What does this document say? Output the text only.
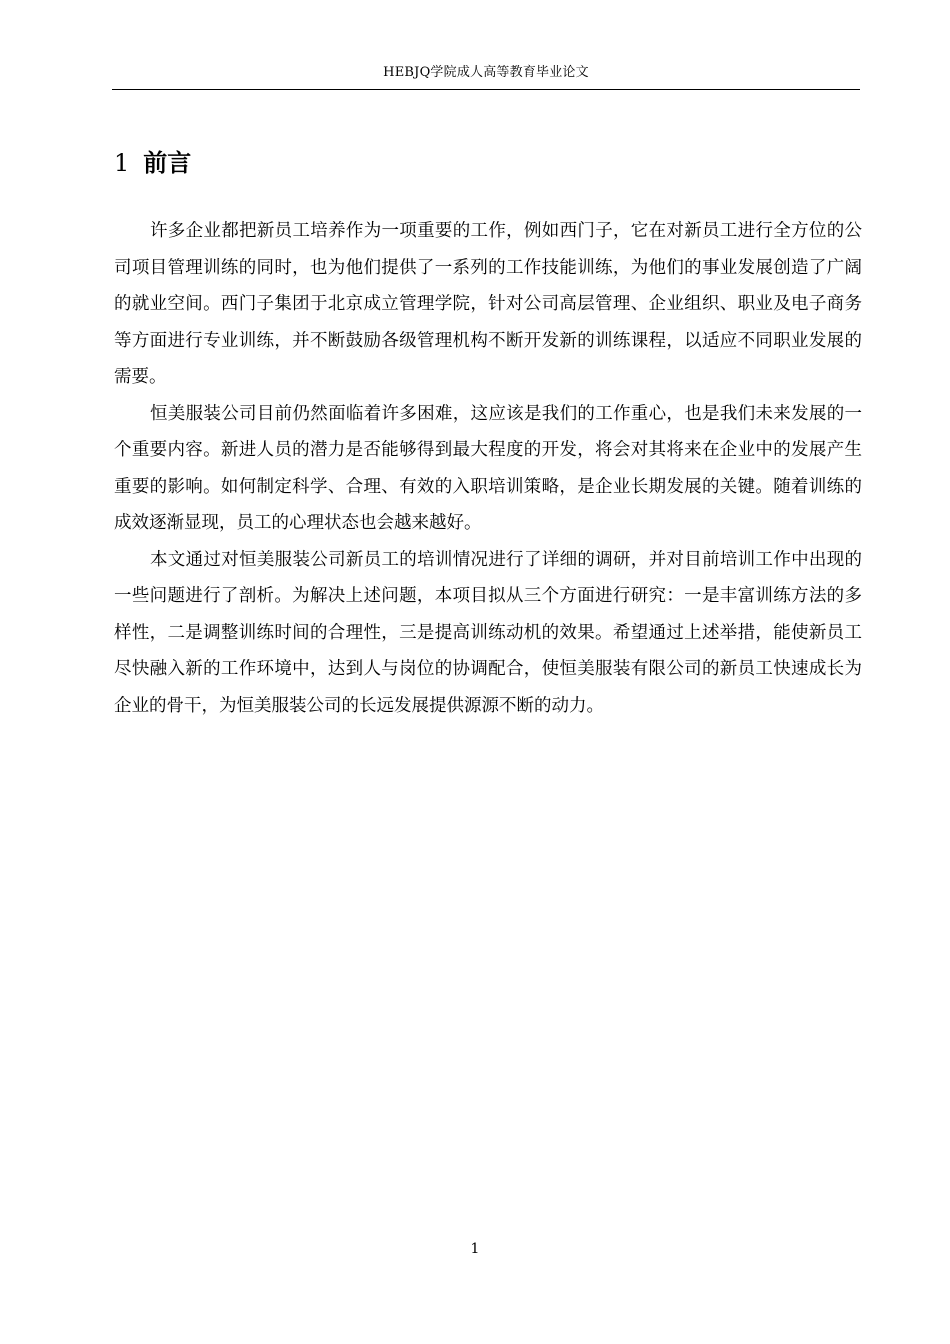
HEBJQ学院成人高等教育毕业论文
1 前言

许多企业都把新员工培养作为一项重要的工作，例如西门子，它在对新员工进行全方位的公司项目管理训练的同时，也为他们提供了一系列的工作技能训练，为他们的事业发展创造了广阔的就业空间。西门子集团于北京成立管理学院，针对公司高层管理、企业组织、职业及电子商务等方面进行专业训练，并不断鼓励各级管理机构不断开发新的训练课程，以适应不同职业发展的需要。

恒美服装公司目前仍然面临着许多困难，这应该是我们的工作重心，也是我们未来发展的一个重要内容。新进人员的潜力是否能够得到最大程度的开发，将会对其将来在企业中的发展产生重要的影响。如何制定科学、合理、有效的入职培训策略，是企业长期发展的关键。随着训练的成效逐渐显现，员工的心理状态也会越来越好。

本文通过对恒美服装公司新员工的培训情况进行了详细的调研，并对目前培训工作中出现的一些问题进行了剖析。为解决上述问题，本项目拟从三个方面进行研究：一是丰富训练方法的多样性，二是调整训练时间的合理性，三是提高训练动机的效果。希望通过上述举措，能使新员工尽快融入新的工作环境中，达到人与岗位的协调配合，使恒美服装有限公司的新员工快速成长为企业的骨干，为恒美服装公司的长远发展提供源源不断的动力。

1
